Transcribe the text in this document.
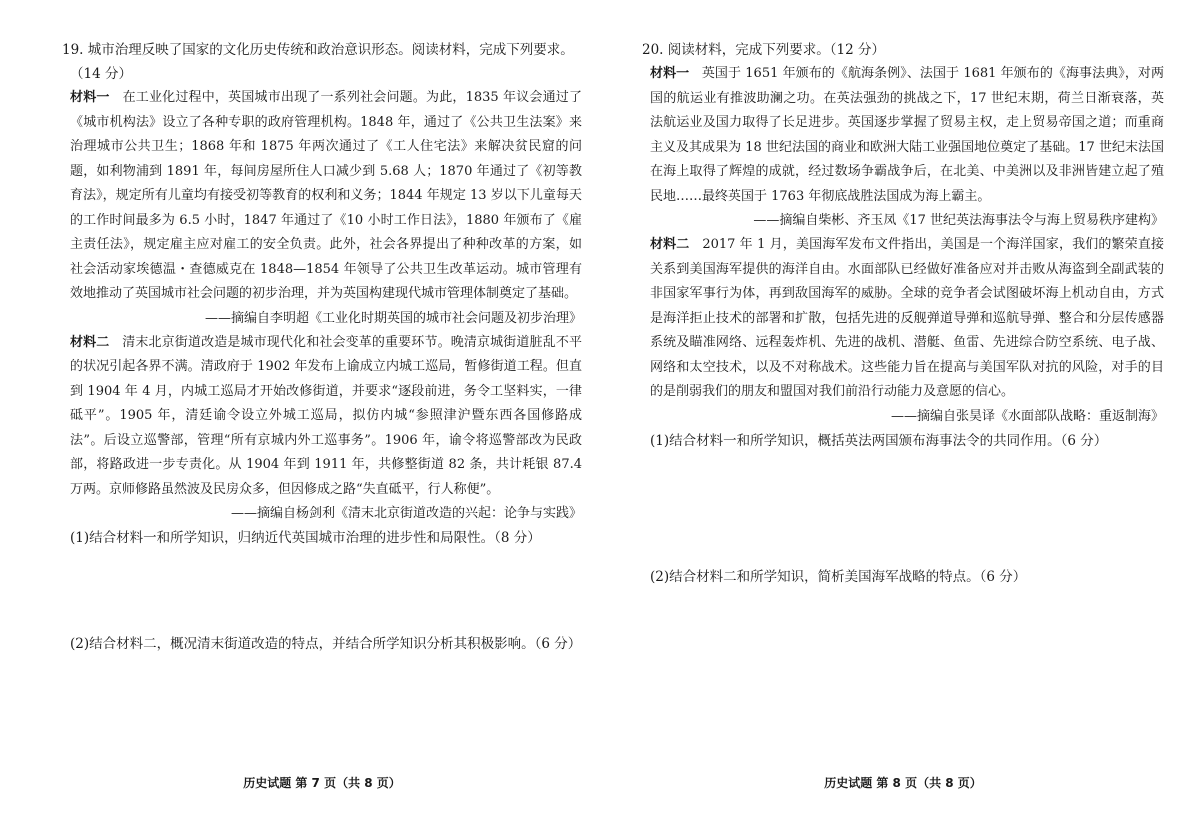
19. 城市治理反映了国家的文化历史传统和政治意识形态。阅读材料，完成下列要求。
（14 分）

材料一 在工业化过程中，英国城市出现了一系列社会问题。为此，1835 年议会通过了《城市机构法》设立了各种专职的政府管理机构。1848 年，通过了《公共卫生法案》来治理城市公共卫生；1868 年和 1875 年两次通过了《工人住宅法》来解决贫民窟的问题，如利物浦到 1891 年，每间房屋所住人口减少到 5.68 人；1870 年通过了《初等教育法》，规定所有儿童均有接受初等教育的权利和义务；1844 年规定 13 岁以下儿童每天的工作时间最多为 6.5 小时，1847 年通过了《10 小时工作日法》，1880 年颁布了《雇主责任法》，规定雇主应对雇工的安全负责。此外，社会各界提出了种种改革的方案，如社会活动家埃德温・查德威克在 1848—1854 年领导了公共卫生改革运动。城市管理有效地推动了英国城市社会问题的初步治理，并为英国构建现代城市管理体制奠定了基础。

——摘编自李明超《工业化时期英国的城市社会问题及初步治理》

材料二 清末北京街道改造是城市现代化和社会变革的重要环节。晚清京城街道脏乱不平的状况引起各界不满。清政府于 1902 年发布上谕成立内城工巡局，暂修街道工程。但直到 1904 年 4 月，内城工巡局才开始改修街道，并要求“逐段前进，务令工坚料实，一律砥平”。1905 年，清廷谕令设立外城工巡局，拟仿内城“参照津沪暨东西各国修路成法”。后设立巡警部，管理“所有京城内外工巡事务”。1906 年，谕令将巡警部改为民政部，将路政进一步专责化。从 1904 年到 1911 年，共修整街道 82 条，共计耗银 87.4 万两。京师修路虽然波及民房众多，但因修成之路“失直砥平，行人称便”。

——摘编自杨剑利《清末北京街道改造的兴起：论争与实践》

(1)结合材料一和所学知识，归纳近代英国城市治理的进步性和局限性。（8 分）

(2)结合材料二，概况清末街道改造的特点，并结合所学知识分析其积极影响。（6 分）

历史试题 第 7 页（共 8 页）
20. 阅读材料，完成下列要求。（12 分）

材料一 英国于 1651 年颁布的《航海条例》、法国于 1681 年颁布的《海事法典》，对两国的航运业有推波助澜之功。在英法强劲的挑战之下，17 世纪末期，荷兰日渐衰落，英法航运业及国力取得了长足进步。英国逐步掌握了贸易主权，走上贸易帝国之道；而重商主义及其成果为 18 世纪法国的商业和欧洲大陆工业强国地位奠定了基础。17 世纪末法国在海上取得了辉煌的成就，经过数场争霸战争后，在北美、中美洲以及非洲皆建立起了殖民地……最终英国于 1763 年彻底战胜法国成为海上霸主。

——摘编自柴彬、齐玉凤《17 世纪英法海事法令与海上贸易秩序建构》

材料二 2017 年 1 月，美国海军发布文件指出，美国是一个海洋国家，我们的繁荣直接关系到美国海军提供的海洋自由。水面部队已经做好准备应对并击败从海盗到全副武装的非国家军事行为体，再到敌国海军的威胁。全球的竞争者会试图破坏海上机动自由，方式是海洋拒止技术的部署和扩散，包括先进的反舰弹道导弹和巡航导弹、整合和分层传感器系统及瞄准网络、远程轰炸机、先进的战机、潜艇、鱼雷、先进综合防空系统、电子战、网络和太空技术，以及不对称战术。这些能力旨在提高与美国军队对抗的风险，对手的目的是削弱我们的朋友和盟国对我们前沿行动能力及意愿的信心。

——摘编自张昊译《水面部队战略：重返制海》

(1)结合材料一和所学知识，概括英法两国颁布海事法令的共同作用。（6 分）

(2)结合材料二和所学知识，简析美国海军战略的特点。（6 分）

历史试题 第 8 页（共 8 页）
